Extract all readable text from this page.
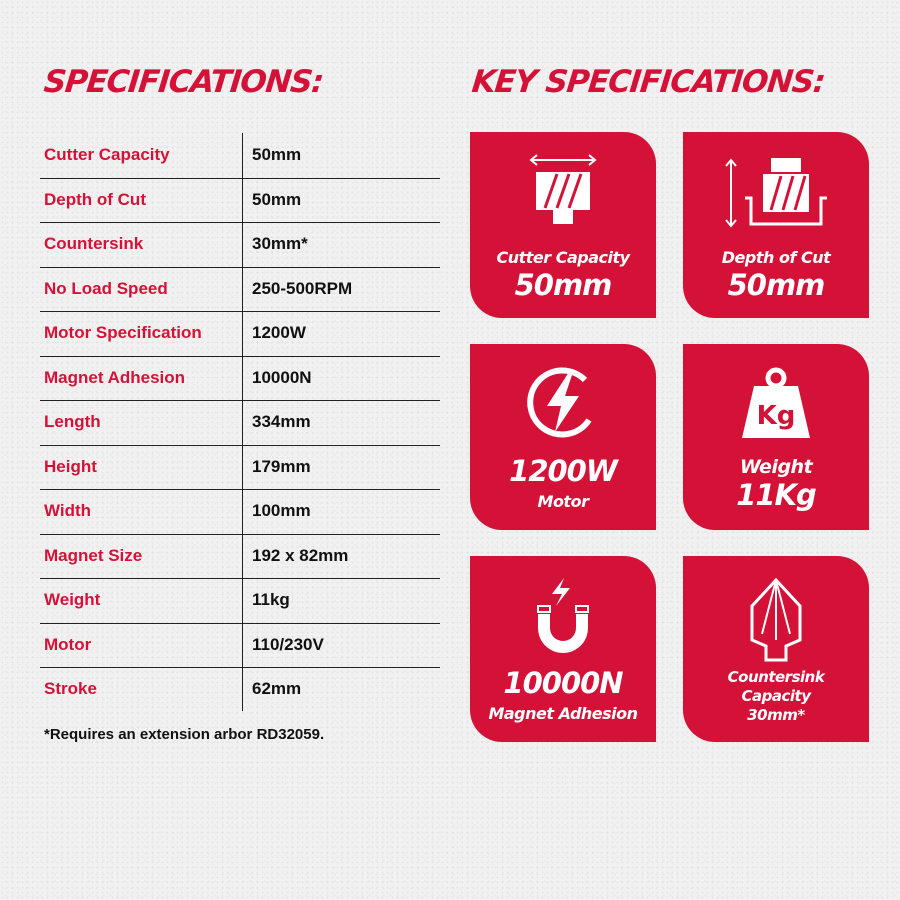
SPECIFICATIONS:	KEY SPECIFICATIONS:
Cutter Capacity	50mm
Depth of Cut	50mm
Countersink	30mm*
No Load Speed	250-500RPM
Motor Specification	1200W
Magnet Adhesion	10000N
Length	334mm
Height	179mm
Width	100mm
Magnet Size	192 x 82mm
Weight	11kg
Motor	110/230V
Stroke	62mm
*Requires an extension arbor RD32059.
Cutter Capacity
50mm
Depth of Cut
50mm
1200W
Motor
Kg
Weight
11Kg
10000N
Magnet Adhesion
Countersink
Capacity
30mm*
